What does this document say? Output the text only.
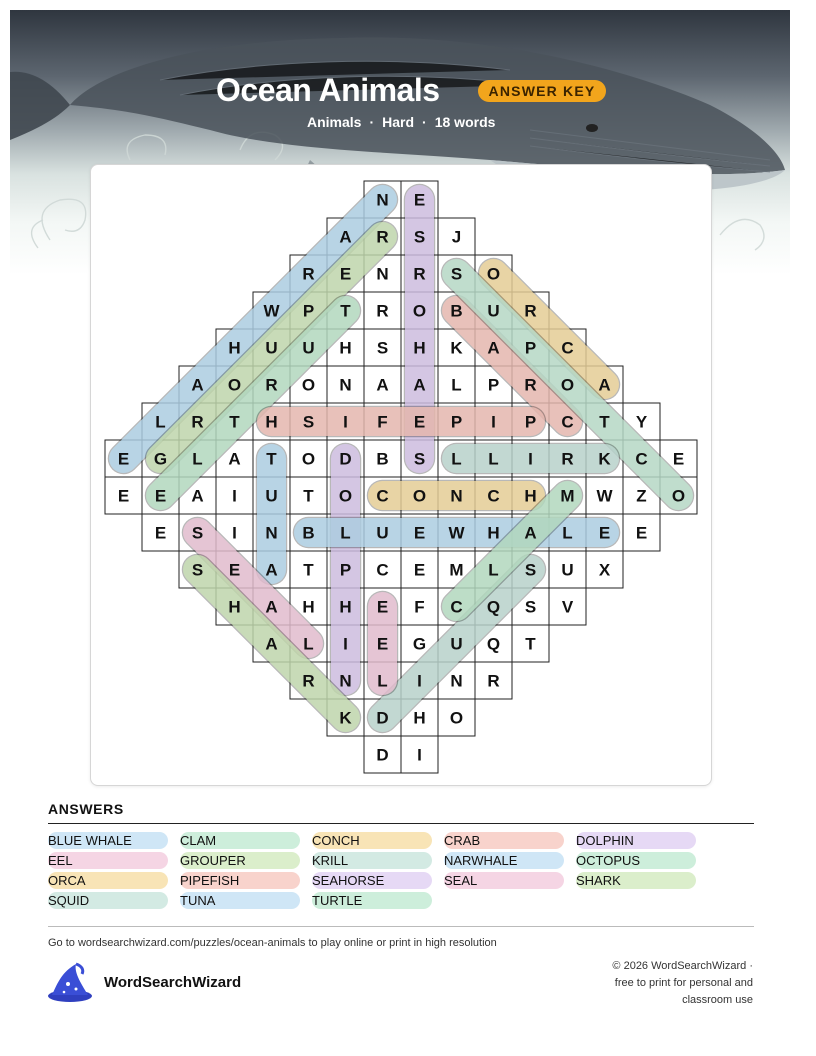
Ocean Animals	ANSWER KEY
Animals · Hard · 18 words
N E
A R S J
R E N R S O
W P T R O B U R
H U U H S H K A P C
A O R O N A A L P R O A
L R T H S I F E P I P C T Y
E G L A T O D B S L L I R K C E
E E A I U T O C O N C H M W Z O
E S I N B L U E W H A L E E
S E A T P C E M L S U X
H A H H E F C Q S V
A L I E G U Q T
R N L I N R
K D H O
D I
ANSWERS
BLUE WHALE	CLAM	CONCH	CRAB	DOLPHIN
EEL	GROUPER	KRILL	NARWHALE	OCTOPUS
ORCA	PIPEFISH	SEAHORSE	SEAL	SHARK
SQUID	TUNA	TURTLE
Go to wordsearchwizard.com/puzzles/ocean-animals to play online or print in high resolution
WordSearchWizard
© 2026 WordSearchWizard ·
free to print for personal and
classroom use
